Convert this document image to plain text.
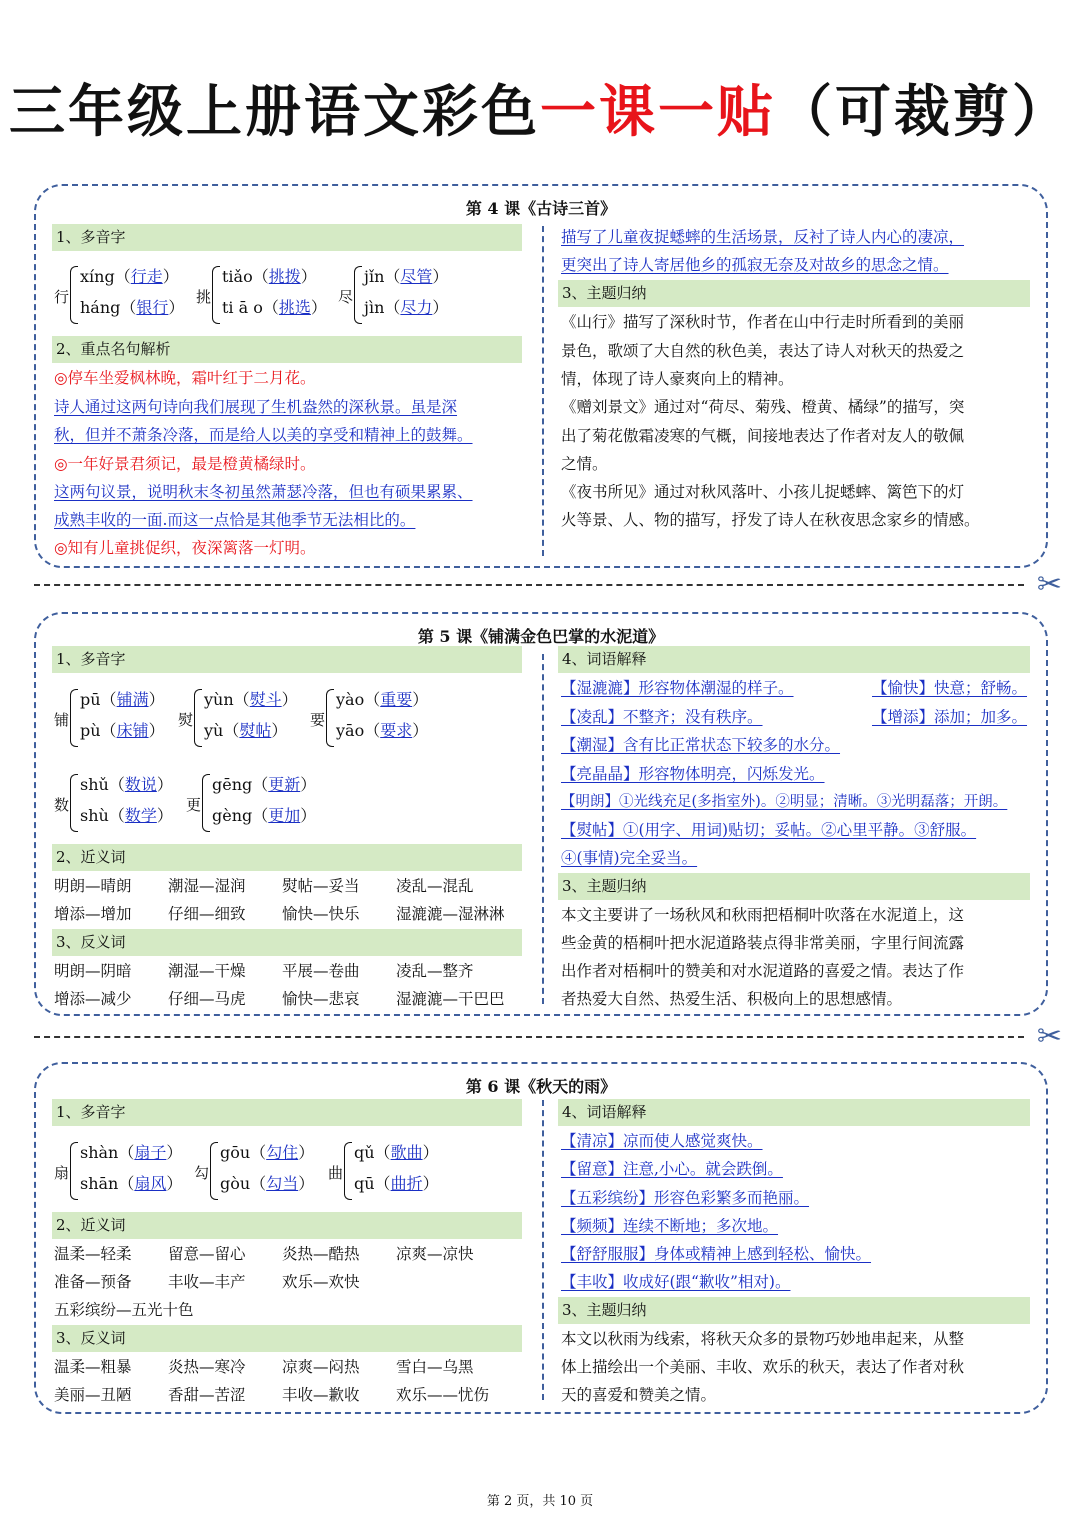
三年级上册语文彩色一课一贴（可裁剪）
第 4 课《古诗三首》
1、多音字
行
xíng（行走）
háng（银行）
挑
tiǎo（挑拨）
ti ā o（挑选）
尽
jǐn（尽管）
jìn（尽力）
2、重点名句解析
◎停车坐爱枫林晚，霜叶红于二月花。
诗人通过这两句诗向我们展现了生机盎然的深秋景。虽是深
秋，但并不萧条冷落，而是给人以美的享受和精神上的鼓舞。
◎一年好景君须记，最是橙黄橘绿时。
这两句议景，说明秋末冬初虽然萧瑟冷落，但也有硕果累累、
成熟丰收的一面.而这一点恰是其他季节无法相比的。
◎知有儿童挑促织，夜深篱落一灯明。
描写了儿童夜捉蟋蟀的生活场景，反衬了诗人内心的凄凉，
更突出了诗人寄居他乡的孤寂无奈及对故乡的思念之情。
3、主题归纳
《山行》描写了深秋时节，作者在山中行走时所看到的美丽
景色，歌颂了大自然的秋色美，表达了诗人对秋天的热爱之
情，体现了诗人豪爽向上的精神。
《赠刘景文》通过对“荷尽、菊残、橙黄、橘绿”的描写，突
出了菊花傲霜凌寒的气概，间接地表达了作者对友人的敬佩
之情。
《夜书所见》通过对秋风落叶、小孩儿捉蟋蟀、篱笆下的灯
火等景、人、物的描写，抒发了诗人在秋夜思念家乡的情感。
✂
第 5 课《铺满金色巴掌的水泥道》
1、多音字
铺
pū（铺满）
pù（床铺）
熨
yùn（熨斗）
yù（熨帖）
要
yào（重要）
yāo（要求）
数
shǔ（数说）
shù（数学）
更
gēng（更新）
gèng（更加）
2、近义词
明朗—晴朗 潮湿—湿润 熨帖—妥当 凌乱—混乱
增添—增加 仔细—细致 愉快—快乐 湿漉漉—湿淋淋
3、反义词
明朗—阴暗 潮湿—干燥 平展—卷曲 凌乱—整齐
增添—减少 仔细—马虎 愉快—悲哀 湿漉漉—干巴巴
4、词语解释
【湿漉漉】形容物体潮湿的样子。	【愉快】快意；舒畅。
【凌乱】不整齐；没有秩序。	【增添】添加；加多。
【潮湿】含有比正常状态下较多的水分。
【亮晶晶】形容物体明亮，闪烁发光。
【明朗】①光线充足(多指室外)。②明显；清晰。③光明磊落；开朗。
【熨帖】①(用字、用词)贴切；妥帖。②心里平静。③舒服。
④(事情)完全妥当。
3、主题归纳
本文主要讲了一场秋风和秋雨把梧桐叶吹落在水泥道上，这
些金黄的梧桐叶把水泥道路装点得非常美丽，字里行间流露
出作者对梧桐叶的赞美和对水泥道路的喜爱之情。表达了作
者热爱大自然、热爱生活、积极向上的思想感情。
✂
第 6 课《秋天的雨》
1、多音字
扇
shàn（扇子）
shān（扇风）
勾
gōu（勾住）
gòu（勾当）
曲
qǔ（歌曲）
qū（曲折）
2、近义词
温柔—轻柔 留意—留心 炎热—酷热 凉爽—凉快
准备—预备 丰收—丰产 欢乐—欢快
五彩缤纷—五光十色
3、反义词
温柔—粗暴 炎热—寒冷 凉爽—闷热 雪白—乌黑
美丽—丑陋 香甜—苦涩 丰收—歉收 欢乐——忧伤
4、词语解释
【清凉】凉而使人感觉爽快。
【留意】注意,小心。就会跌倒。
【五彩缤纷】形容色彩繁多而艳丽。
【频频】连续不断地；多次地。
【舒舒服服】身体或精神上感到轻松、愉快。
【丰收】收成好(跟“歉收”相对)。
3、主题归纳
本文以秋雨为线索，将秋天众多的景物巧妙地串起来，从整
体上描绘出一个美丽、丰收、欢乐的秋天，表达了作者对秋
天的喜爱和赞美之情。
第 2 页，共 10 页
